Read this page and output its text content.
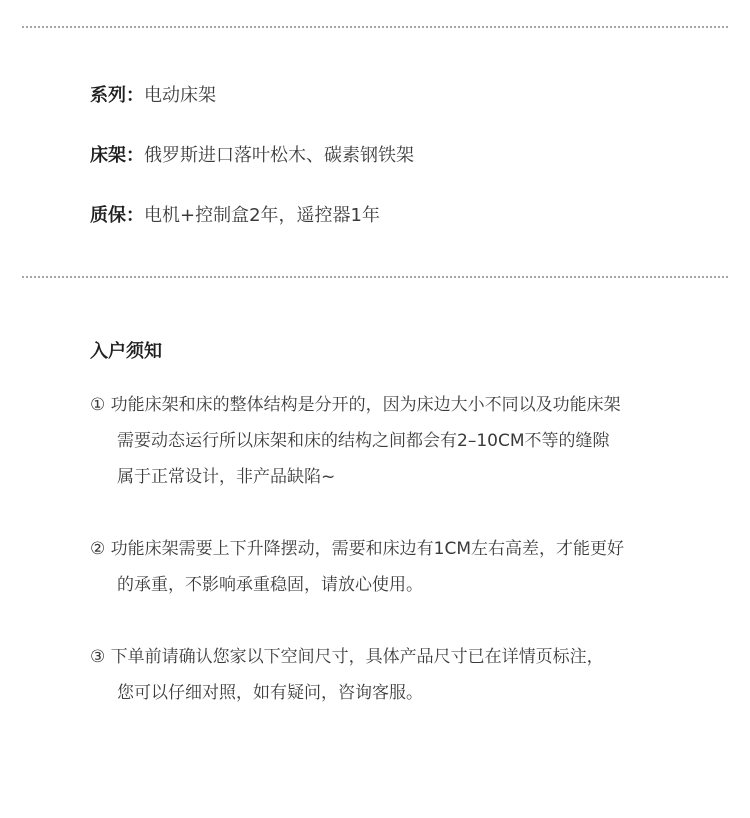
系列：电动床架
床架：俄罗斯进口落叶松木、碳素钢铁架
质保：电机+控制盒2年，遥控器1年
入户须知
① 功能床架和床的整体结构是分开的，因为床边大小不同以及功能床架
需要动态运行所以床架和床的结构之间都会有2–10CM不等的缝隙
属于正常设计，非产品缺陷~
② 功能床架需要上下升降摆动，需要和床边有1CM左右高差，才能更好
的承重，不影响承重稳固，请放心使用。
③ 下单前请确认您家以下空间尺寸，具体产品尺寸已在详情页标注，
您可以仔细对照，如有疑问，咨询客服。
